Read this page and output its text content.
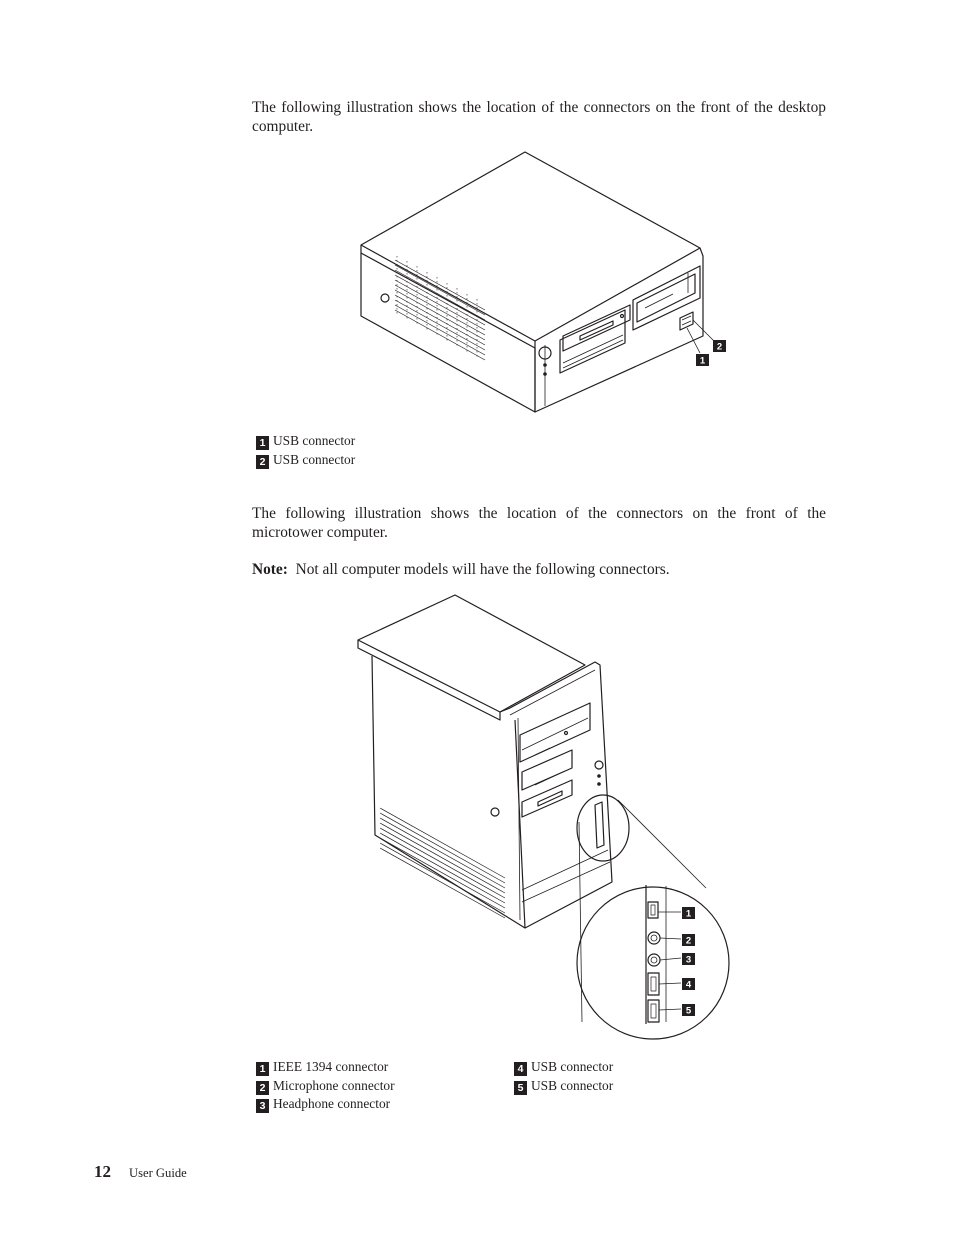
The following illustration shows the location of the connectors on the front of the desktop computer.

1
2
1 USB connector
2 USB connector

The following illustration shows the location of the connectors on the front of the microtower computer.

Note: Not all computer models will have the following connectors.

1
2
3
4
5
1 IEEE 1394 connector
2 Microphone connector
3 Headphone connector
4 USB connector
5 USB connector
12 User Guide
